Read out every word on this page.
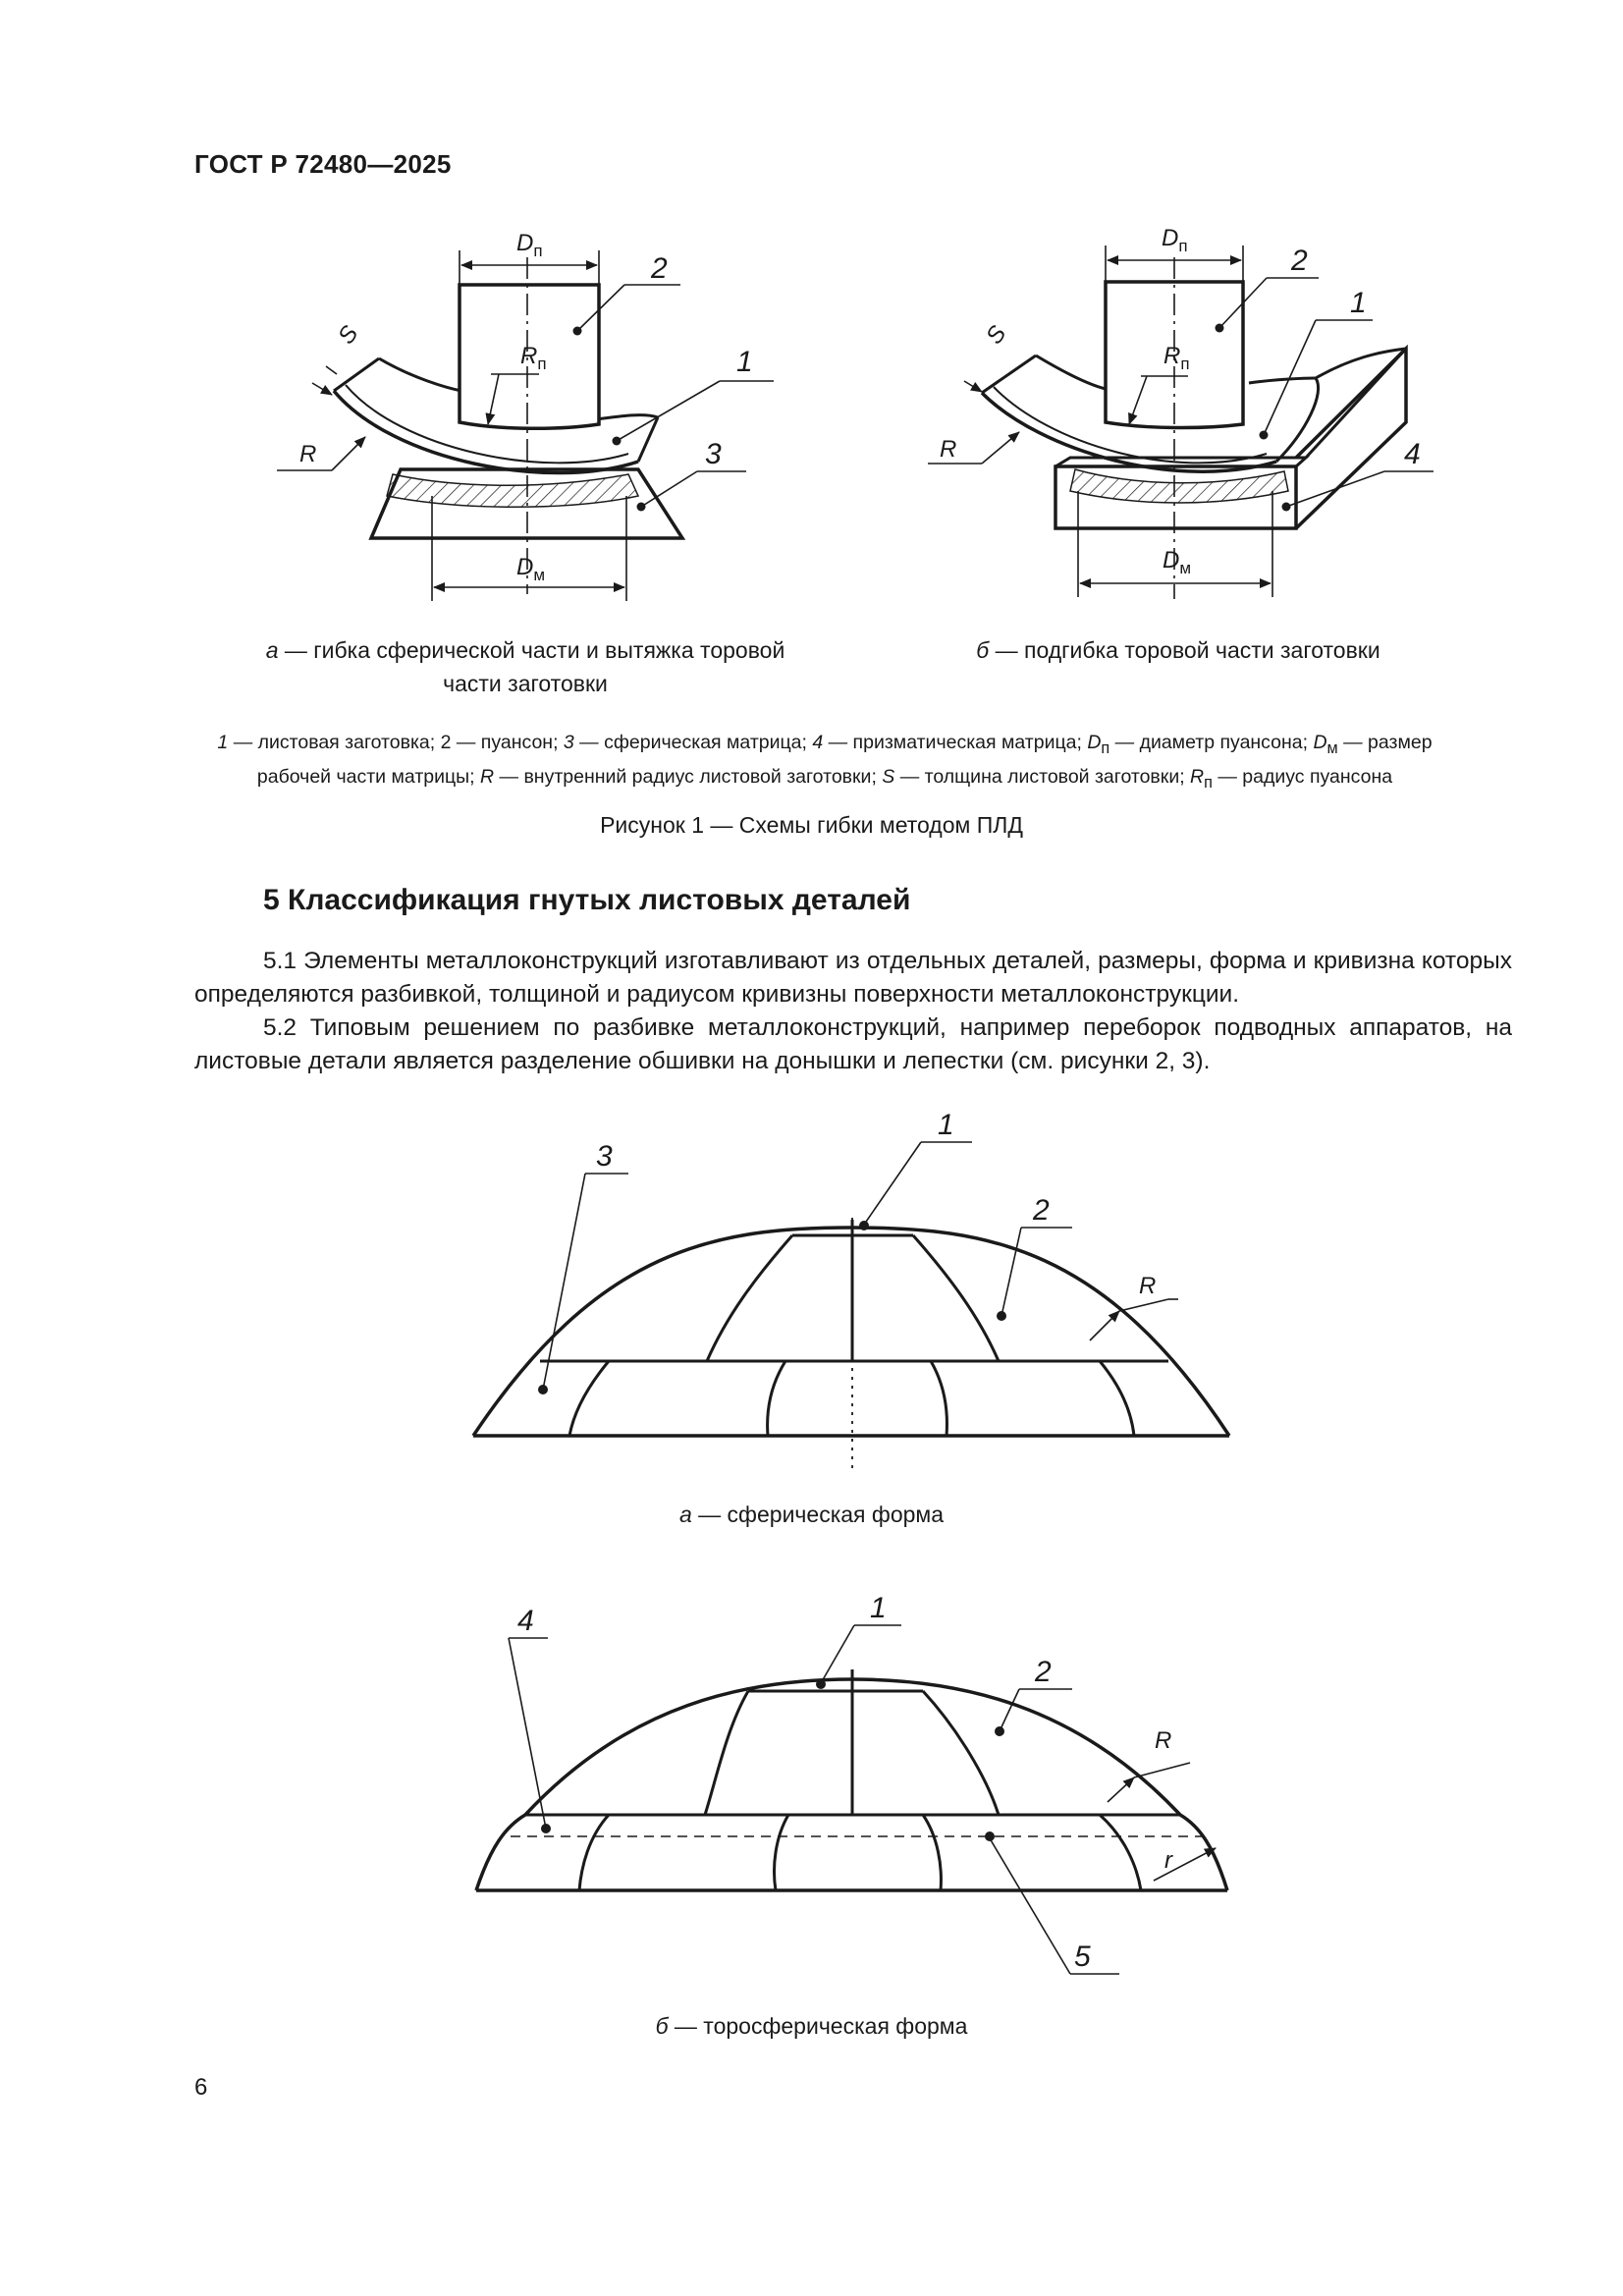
ГОСТ Р 72480—2025
2
1
3
R
S
$D_п$
$R_п$
$D_м$
2
1
4
R
S
$D_п$
$R_п$
$D_м$
а — гибка сферической части и вытяжка торовой
части заготовки
б — подгибка торовой части заготовки
1 — листовая заготовка; 2 — пуансон; 3 — сферическая матрица; 4 — призматическая матрица; $D_п$ — диаметр пуансона; $D_м$ — размер
рабочей части матрицы; R — внутренний радиус листовой заготовки; S — толщина листовой заготовки; $R_п$ — радиус пуансона
Рисунок 1 — Схемы гибки методом ПЛД
5 Классификация гнутых листовых деталей
5.1 Элементы металлоконструкций изготавливают из отдельных деталей, размеры, форма и кривизна которых определяются разбивкой, толщиной и радиусом кривизны поверхности металлоконструкции.
5.2 Типовым решением по разбивке металлоконструкций, например переборок подводных аппаратов, на листовые детали является разделение обшивки на донышки и лепестки (см. рисунки 2, 3).
1
2
3
R
а — сферическая форма
1
2
4
5
R
r
б — торосферическая форма
6
